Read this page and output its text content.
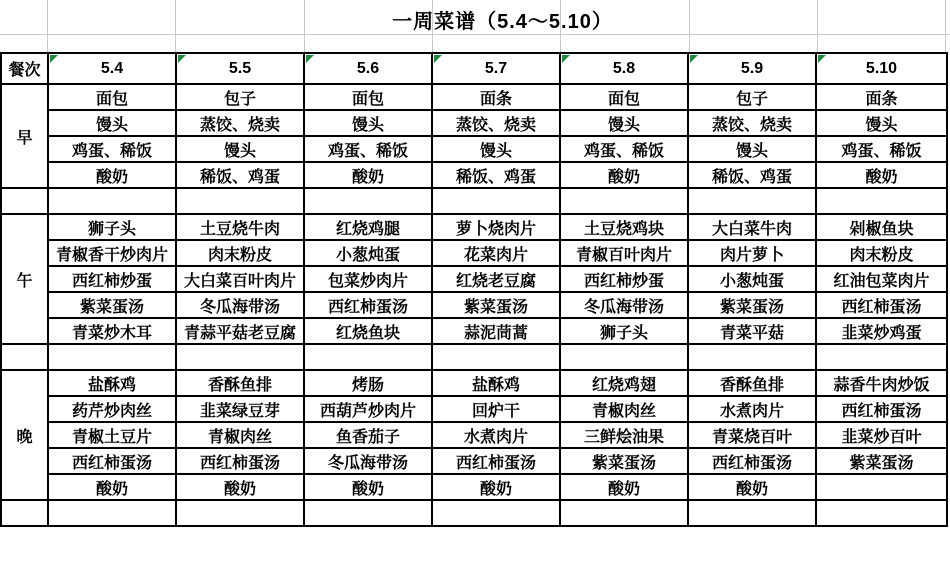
一周菜谱（5.4～5.10）
餐次	5.4	5.5	5.6	5.7	5.8	5.9	5.10

早	面包	包子	面包	面条	面包	包子	面条
	馒头	蒸饺、烧卖	馒头	蒸饺、烧卖	馒头	蒸饺、烧卖	馒头
	鸡蛋、稀饭	馒头	鸡蛋、稀饭	馒头	鸡蛋、稀饭	馒头	鸡蛋、稀饭
	酸奶	稀饭、鸡蛋	酸奶	稀饭、鸡蛋	酸奶	稀饭、鸡蛋	酸奶

午	狮子头	土豆烧牛肉	红烧鸡腿	萝卜烧肉片	土豆烧鸡块	大白菜牛肉	剁椒鱼块
	青椒香干炒肉片	肉末粉皮	小葱炖蛋	花菜肉片	青椒百叶肉片	肉片萝卜	肉末粉皮
	西红柿炒蛋	大白菜百叶肉片	包菜炒肉片	红烧老豆腐	西红柿炒蛋	小葱炖蛋	红油包菜肉片
	紫菜蛋汤	冬瓜海带汤	西红柿蛋汤	紫菜蛋汤	冬瓜海带汤	紫菜蛋汤	西红柿蛋汤
	青菜炒木耳	青蒜平菇老豆腐	红烧鱼块	蒜泥茼蒿	狮子头	青菜平菇	韭菜炒鸡蛋

晚	盐酥鸡	香酥鱼排	烤肠	盐酥鸡	红烧鸡翅	香酥鱼排	蒜香牛肉炒饭
	药芹炒肉丝	韭菜绿豆芽	西葫芦炒肉片	回炉干	青椒肉丝	水煮肉片	西红柿蛋汤
	青椒土豆片	青椒肉丝	鱼香茄子	水煮肉片	三鲜烩油果	青菜烧百叶	韭菜炒百叶
	西红柿蛋汤	西红柿蛋汤	冬瓜海带汤	西红柿蛋汤	紫菜蛋汤	西红柿蛋汤	紫菜蛋汤
	酸奶	酸奶	酸奶	酸奶	酸奶	酸奶	
